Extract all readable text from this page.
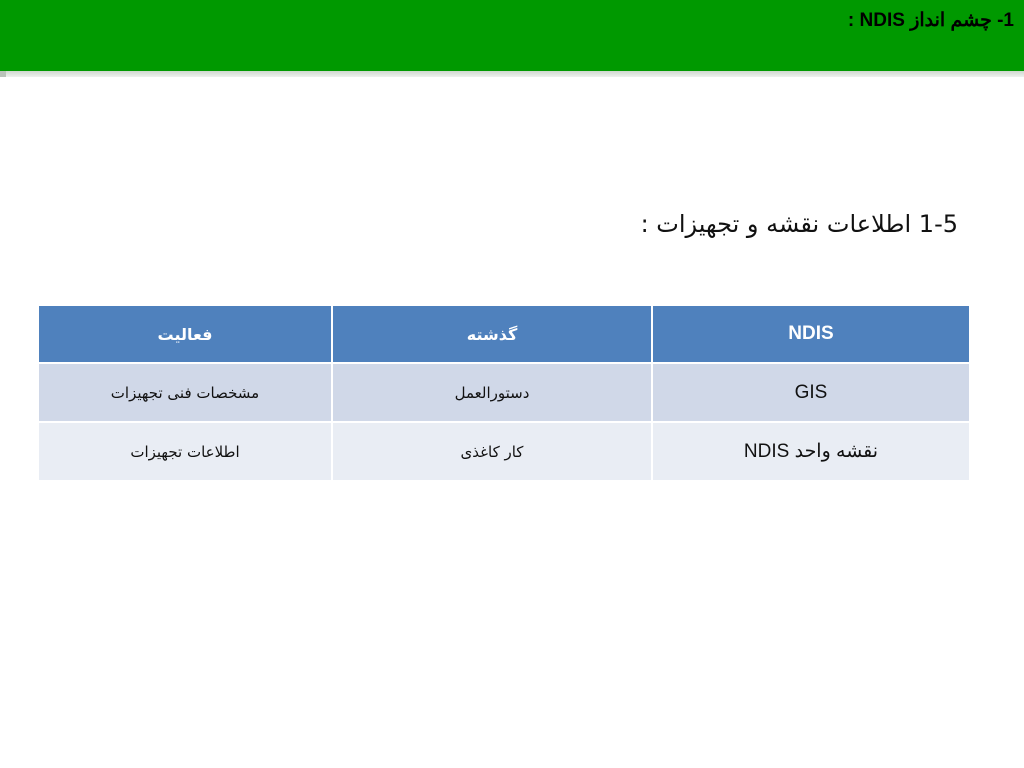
1- چشم انداز NDIS :
1-5 اطلاعات نقشه و تجهیزات :
NDIS	گذشته	فعالیت
GIS	دستورالعمل	مشخصات فنی تجهیزات
نقشه واحد NDIS	کار کاغذی	اطلاعات تجهیزات
